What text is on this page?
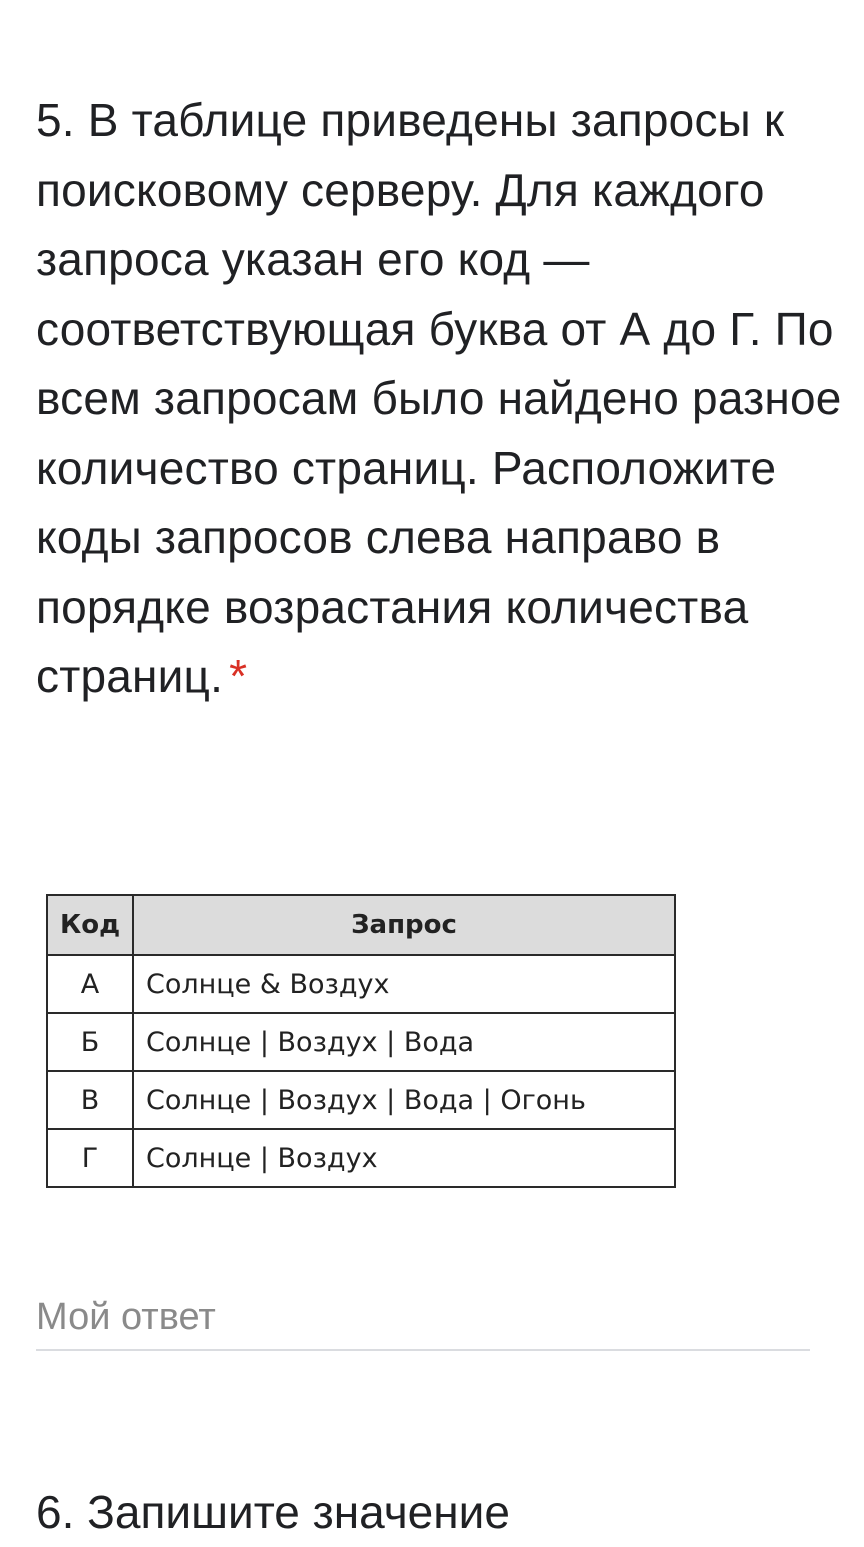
5. В таблице приведены запросы к поисковому серверу. Для каждого запроса указан его код — соответствующая буква от А до Г. По всем запросам было найдено разное количество страниц. Расположите коды запросов слева направо в порядке возрастания количества страниц. *
Код	Запрос
А	Солнце & Воздух
Б	Солнце | Воздух | Вода
В	Солнце | Воздух | Вода | Огонь
Г	Солнце | Воздух
Мой ответ
6. Запишите значение
